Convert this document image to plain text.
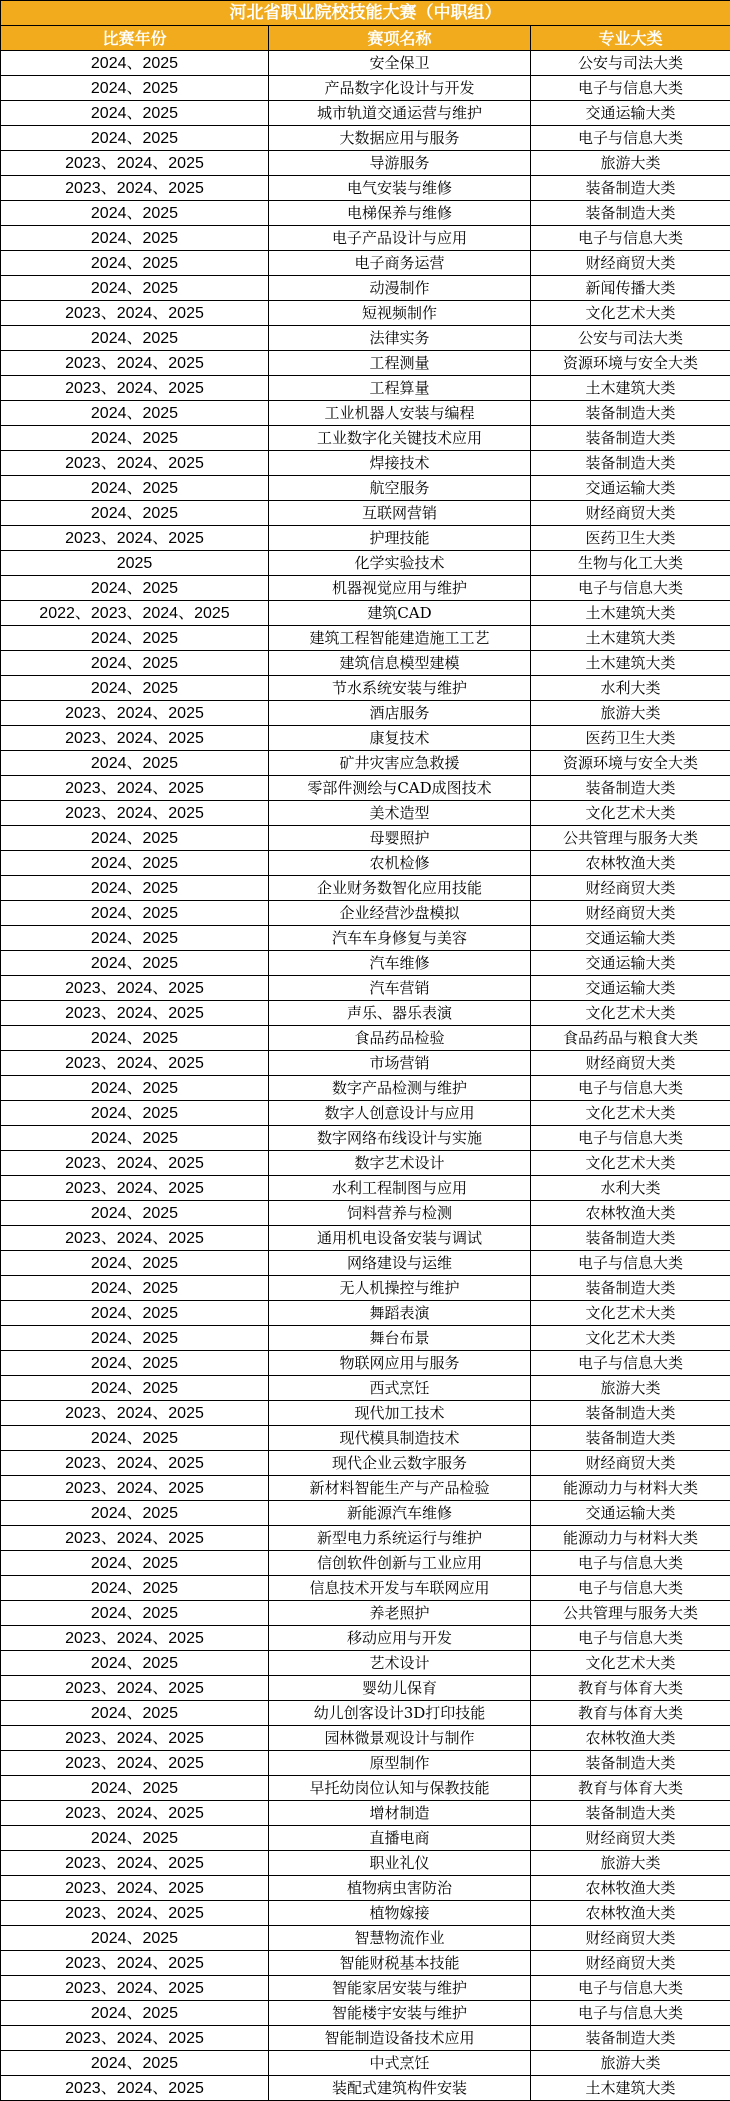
河北省职业院校技能大赛（中职组）		
比赛年份	赛项名称	专业大类
2024、2025	安全保卫	公安与司法大类
2024、2025	产品数字化设计与开发	电子与信息大类
2024、2025	城市轨道交通运营与维护	交通运输大类
2024、2025	大数据应用与服务	电子与信息大类
2023、2024、2025	导游服务	旅游大类
2023、2024、2025	电气安装与维修	装备制造大类
2024、2025	电梯保养与维修	装备制造大类
2024、2025	电子产品设计与应用	电子与信息大类
2024、2025	电子商务运营	财经商贸大类
2024、2025	动漫制作	新闻传播大类
2023、2024、2025	短视频制作	文化艺术大类
2024、2025	法律实务	公安与司法大类
2023、2024、2025	工程测量	资源环境与安全大类
2023、2024、2025	工程算量	土木建筑大类
2024、2025	工业机器人安装与编程	装备制造大类
2024、2025	工业数字化关键技术应用	装备制造大类
2023、2024、2025	焊接技术	装备制造大类
2024、2025	航空服务	交通运输大类
2024、2025	互联网营销	财经商贸大类
2023、2024、2025	护理技能	医药卫生大类
2025	化学实验技术	生物与化工大类
2024、2025	机器视觉应用与维护	电子与信息大类
2022、2023、2024、2025	建筑CAD	土木建筑大类
2024、2025	建筑工程智能建造施工工艺	土木建筑大类
2024、2025	建筑信息模型建模	土木建筑大类
2024、2025	节水系统安装与维护	水利大类
2023、2024、2025	酒店服务	旅游大类
2023、2024、2025	康复技术	医药卫生大类
2024、2025	矿井灾害应急救援	资源环境与安全大类
2023、2024、2025	零部件测绘与CAD成图技术	装备制造大类
2023、2024、2025	美术造型	文化艺术大类
2024、2025	母婴照护	公共管理与服务大类
2024、2025	农机检修	农林牧渔大类
2024、2025	企业财务数智化应用技能	财经商贸大类
2024、2025	企业经营沙盘模拟	财经商贸大类
2024、2025	汽车车身修复与美容	交通运输大类
2024、2025	汽车维修	交通运输大类
2023、2024、2025	汽车营销	交通运输大类
2023、2024、2025	声乐、器乐表演	文化艺术大类
2024、2025	食品药品检验	食品药品与粮食大类
2023、2024、2025	市场营销	财经商贸大类
2024、2025	数字产品检测与维护	电子与信息大类
2024、2025	数字人创意设计与应用	文化艺术大类
2024、2025	数字网络布线设计与实施	电子与信息大类
2023、2024、2025	数字艺术设计	文化艺术大类
2023、2024、2025	水利工程制图与应用	水利大类
2024、2025	饲料营养与检测	农林牧渔大类
2023、2024、2025	通用机电设备安装与调试	装备制造大类
2024、2025	网络建设与运维	电子与信息大类
2024、2025	无人机操控与维护	装备制造大类
2024、2025	舞蹈表演	文化艺术大类
2024、2025	舞台布景	文化艺术大类
2024、2025	物联网应用与服务	电子与信息大类
2024、2025	西式烹饪	旅游大类
2023、2024、2025	现代加工技术	装备制造大类
2024、2025	现代模具制造技术	装备制造大类
2023、2024、2025	现代企业云数字服务	财经商贸大类
2023、2024、2025	新材料智能生产与产品检验	能源动力与材料大类
2024、2025	新能源汽车维修	交通运输大类
2023、2024、2025	新型电力系统运行与维护	能源动力与材料大类
2024、2025	信创软件创新与工业应用	电子与信息大类
2024、2025	信息技术开发与车联网应用	电子与信息大类
2024、2025	养老照护	公共管理与服务大类
2023、2024、2025	移动应用与开发	电子与信息大类
2024、2025	艺术设计	文化艺术大类
2023、2024、2025	婴幼儿保育	教育与体育大类
2024、2025	幼儿创客设计3D打印技能	教育与体育大类
2023、2024、2025	园林微景观设计与制作	农林牧渔大类
2023、2024、2025	原型制作	装备制造大类
2024、2025	早托幼岗位认知与保教技能	教育与体育大类
2023、2024、2025	增材制造	装备制造大类
2024、2025	直播电商	财经商贸大类
2023、2024、2025	职业礼仪	旅游大类
2023、2024、2025	植物病虫害防治	农林牧渔大类
2023、2024、2025	植物嫁接	农林牧渔大类
2024、2025	智慧物流作业	财经商贸大类
2023、2024、2025	智能财税基本技能	财经商贸大类
2023、2024、2025	智能家居安装与维护	电子与信息大类
2024、2025	智能楼宇安装与维护	电子与信息大类
2023、2024、2025	智能制造设备技术应用	装备制造大类
2024、2025	中式烹饪	旅游大类
2023、2024、2025	装配式建筑构件安装	土木建筑大类
